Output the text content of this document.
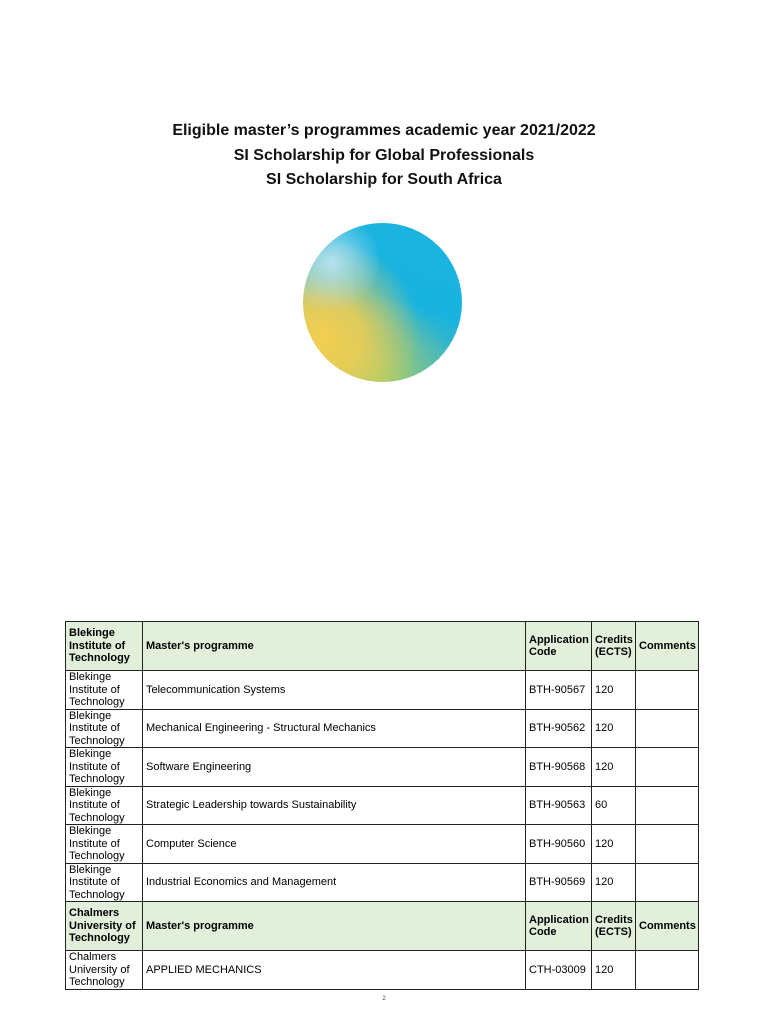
Eligible master’s programmes academic year 2021/2022
SI Scholarship for Global Professionals
SI Scholarship for South Africa
Blekinge Institute of Technology	Master's programme	Application Code	Credits (ECTS)	Comments
Blekinge Institute of Technology	Telecommunication Systems	BTH-90567	120	
Blekinge Institute of Technology	Mechanical Engineering - Structural Mechanics	BTH-90562	120	
Blekinge Institute of Technology	Software Engineering	BTH-90568	120	
Blekinge Institute of Technology	Strategic Leadership towards Sustainability	BTH-90563	60	
Blekinge Institute of Technology	Computer Science	BTH-90560	120	
Blekinge Institute of Technology	Industrial Economics and Management	BTH-90569	120	
Chalmers University of Technology	Master's programme	Application Code	Credits (ECTS)	Comments
Chalmers University of Technology	APPLIED MECHANICS	CTH-03009	120	
2
